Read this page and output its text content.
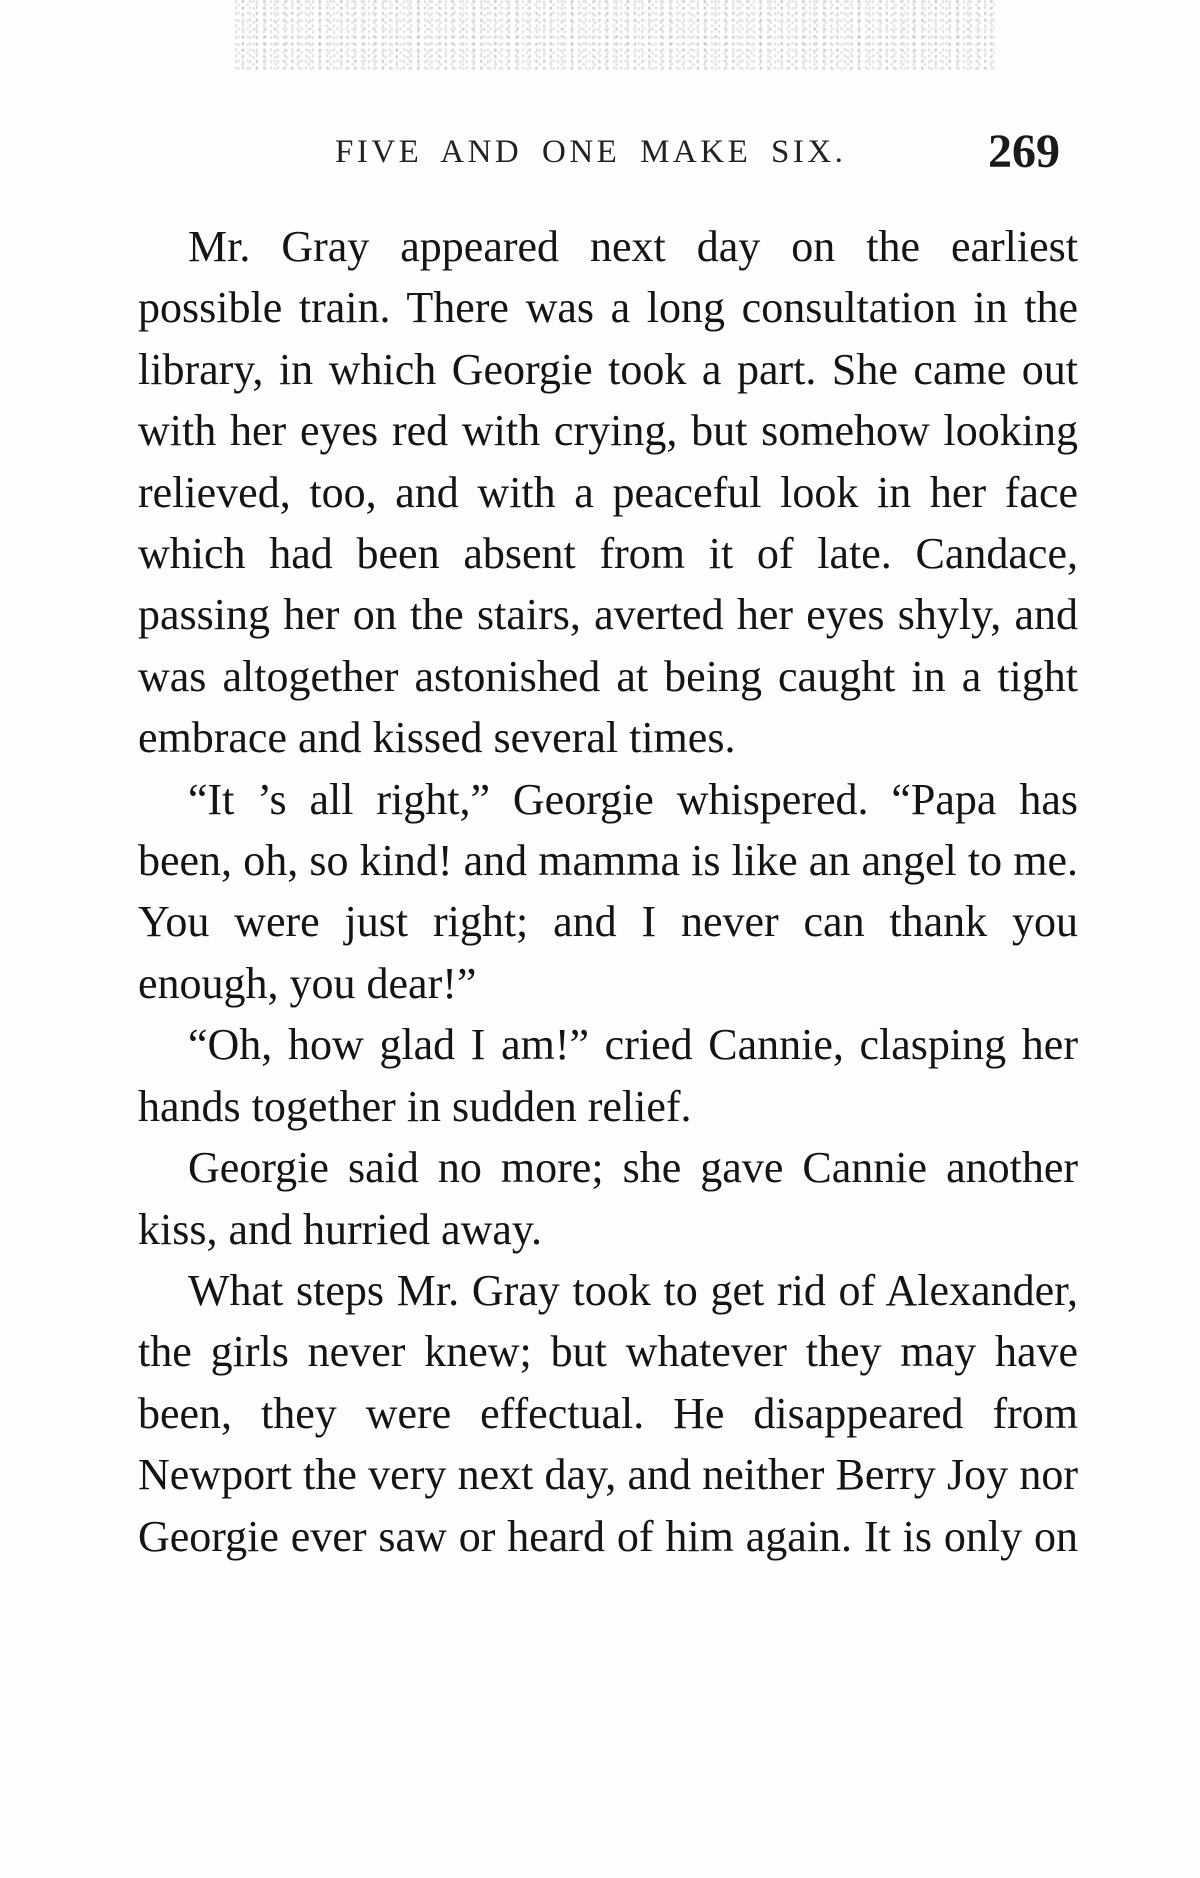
FIVE AND ONE MAKE SIX.	269

Mr. Gray appeared next day on the earliest possible train. There was a long consultation in the library, in which Georgie took a part. She came out with her eyes red with crying, but somehow looking relieved, too, and with a peaceful look in her face which had been absent from it of late. Candace, passing her on the stairs, averted her eyes shyly, and was altogether astonished at being caught in a tight embrace and kissed several times.

“It ’s all right,” Georgie whispered. “Papa has been, oh, so kind! and mamma is like an angel to me. You were just right; and I never can thank you enough, you dear!”

“Oh, how glad I am!” cried Cannie, clasping her hands together in sudden relief.

Georgie said no more; she gave Cannie another kiss, and hurried away.

What steps Mr. Gray took to get rid of Alexander, the girls never knew; but whatever they may have been, they were effectual. He disappeared from Newport the very next day, and neither Berry Joy nor Georgie ever saw or heard of him again. It is only on
